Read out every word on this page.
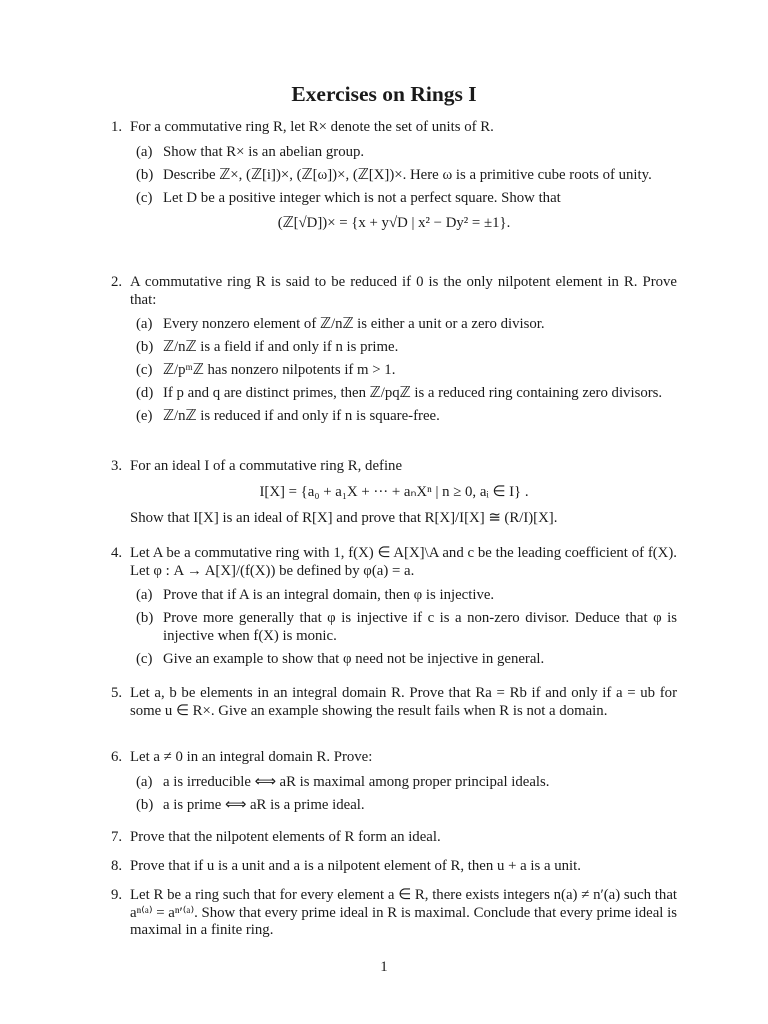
Exercises on Rings I
1. For a commutative ring R, let R× denote the set of units of R.
(a) Show that R× is an abelian group.
(b) Describe ℤ×, (ℤ[i])×, (ℤ[ω])×, (ℤ[X])×. Here ω is a primitive cube roots of unity.
(c) Let D be a positive integer which is not a perfect square. Show that
(ℤ[√D])× = {x + y√D | x² − Dy² = ±1}.
2. A commutative ring R is said to be reduced if 0 is the only nilpotent element in R. Prove that:
(a) Every nonzero element of ℤ/nℤ is either a unit or a zero divisor.
(b) ℤ/nℤ is a field if and only if n is prime.
(c) ℤ/pᵐℤ has nonzero nilpotents if m > 1.
(d) If p and q are distinct primes, then ℤ/pqℤ is a reduced ring containing zero divisors.
(e) ℤ/nℤ is reduced if and only if n is square-free.
3. For an ideal I of a commutative ring R, define
I[X] = {a₀ + a₁X + ··· + aₙXⁿ | n ≥ 0, aᵢ ∈ I} .
Show that I[X] is an ideal of R[X] and prove that R[X]/I[X] ≅ (R/I)[X].
4. Let A be a commutative ring with 1, f(X) ∈ A[X]\A and c be the leading coefficient of f(X). Let φ : A → A[X]/(f(X)) be defined by φ(a) = a.
(a) Prove that if A is an integral domain, then φ is injective.
(b) Prove more generally that φ is injective if c is a non-zero divisor. Deduce that φ is injective when f(X) is monic.
(c) Give an example to show that φ need not be injective in general.
5. Let a, b be elements in an integral domain R. Prove that Ra = Rb if and only if a = ub for some u ∈ R×. Give an example showing the result fails when R is not a domain.
6. Let a ≠ 0 in an integral domain R. Prove:
(a) a is irreducible ⟺ aR is maximal among proper principal ideals.
(b) a is prime ⟺ aR is a prime ideal.
7. Prove that the nilpotent elements of R form an ideal.
8. Prove that if u is a unit and a is a nilpotent element of R, then u + a is a unit.
9. Let R be a ring such that for every element a ∈ R, there exists integers n(a) ≠ n′(a) such that aⁿ⁽ᵃ⁾ = aⁿ′⁽ᵃ⁾. Show that every prime ideal in R is maximal. Conclude that every prime ideal is maximal in a finite ring.
1
